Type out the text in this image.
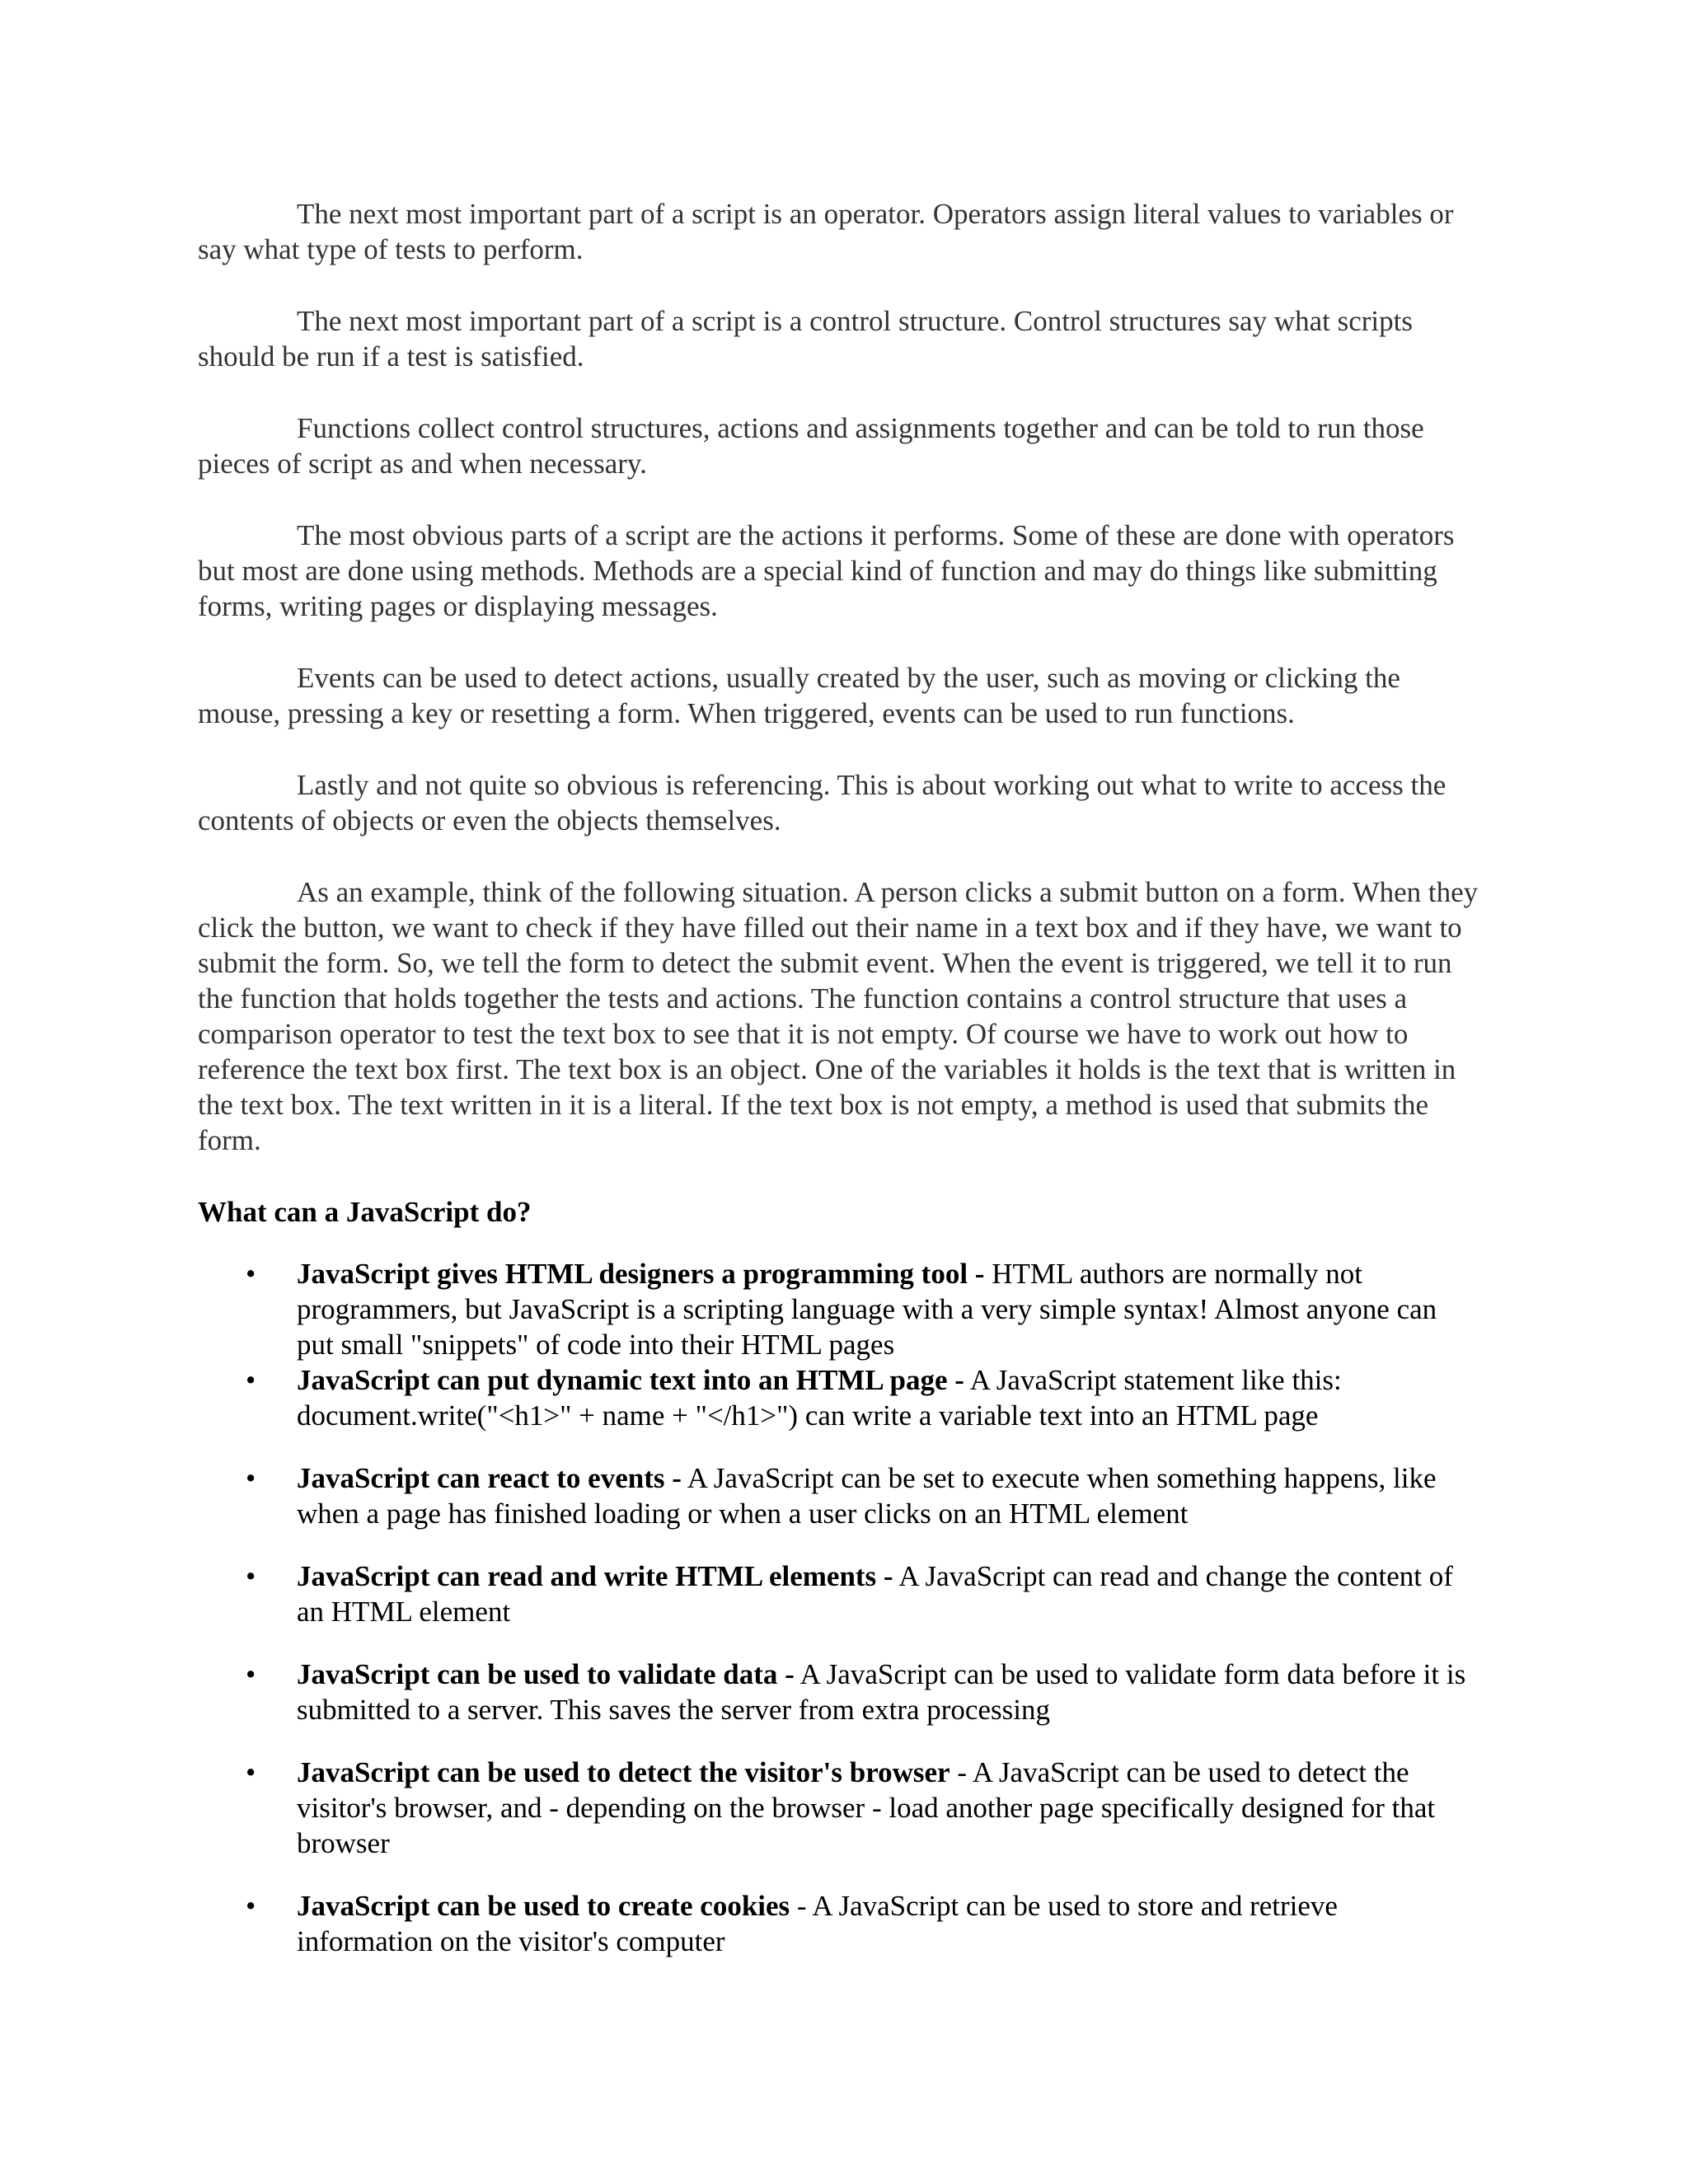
The next most important part of a script is an operator. Operators assign literal values to variables or say what type of tests to perform.

The next most important part of a script is a control structure. Control structures say what scripts should be run if a test is satisfied.

Functions collect control structures, actions and assignments together and can be told to run those pieces of script as and when necessary.

The most obvious parts of a script are the actions it performs. Some of these are done with operators but most are done using methods. Methods are a special kind of function and may do things like submitting forms, writing pages or displaying messages.

Events can be used to detect actions, usually created by the user, such as moving or clicking the mouse, pressing a key or resetting a form. When triggered, events can be used to run functions.

Lastly and not quite so obvious is referencing. This is about working out what to write to access the contents of objects or even the objects themselves.

As an example, think of the following situation. A person clicks a submit button on a form. When they click the button, we want to check if they have filled out their name in a text box and if they have, we want to submit the form. So, we tell the form to detect the submit event. When the event is triggered, we tell it to run the function that holds together the tests and actions. The function contains a control structure that uses a comparison operator to test the text box to see that it is not empty. Of course we have to work out how to reference the text box first. The text box is an object. One of the variables it holds is the text that is written in the text box. The text written in it is a literal. If the text box is not empty, a method is used that submits the form.

What can a JavaScript do?
• JavaScript gives HTML designers a programming tool - HTML authors are normally not programmers, but JavaScript is a scripting language with a very simple syntax! Almost anyone can put small "snippets" of code into their HTML pages
• JavaScript can put dynamic text into an HTML page - A JavaScript statement like this: document.write("<h1>" + name + "</h1>") can write a variable text into an HTML page
• JavaScript can react to events - A JavaScript can be set to execute when something happens, like when a page has finished loading or when a user clicks on an HTML element
• JavaScript can read and write HTML elements - A JavaScript can read and change the content of an HTML element
• JavaScript can be used to validate data - A JavaScript can be used to validate form data before it is submitted to a server. This saves the server from extra processing
• JavaScript can be used to detect the visitor's browser - A JavaScript can be used to detect the visitor's browser, and - depending on the browser - load another page specifically designed for that browser
• JavaScript can be used to create cookies - A JavaScript can be used to store and retrieve information on the visitor's computer
